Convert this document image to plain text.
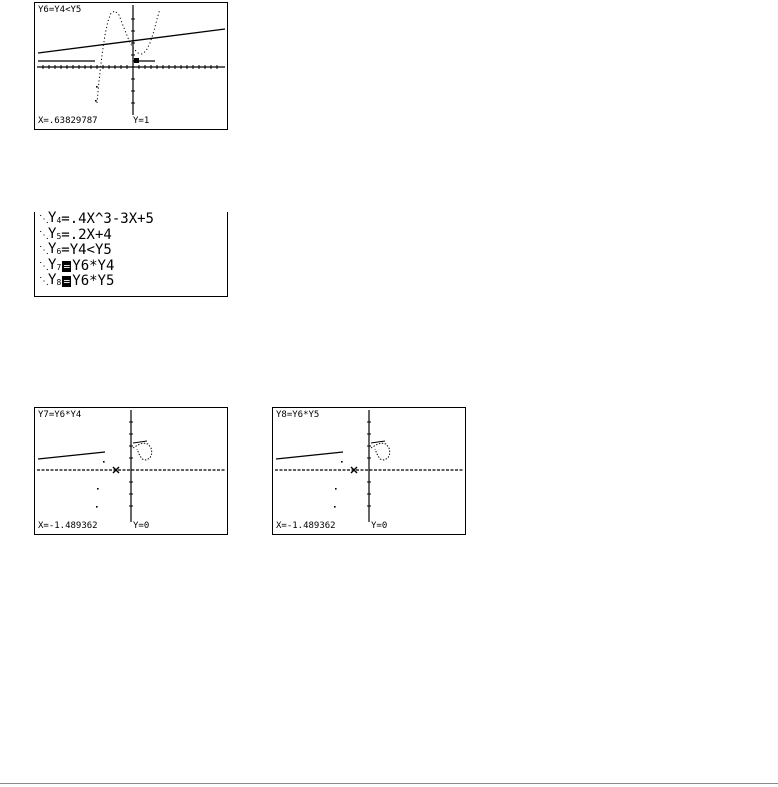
Y6=Y4<Y5
X=.63829787	Y=1
⋱ $Y_4$ = .4X^3-3X+5
⋱ $Y_5 = .2X+4$
⋱ $Y_6 = Y4<Y5$
⋱ $Y_7 = Y6*Y4$
⋱ $Y_8 = Y6*Y5$
Y7=Y6*Y4
X=-1.489362	Y=0
Y8=Y6*Y5
X=-1.489362	Y=0
